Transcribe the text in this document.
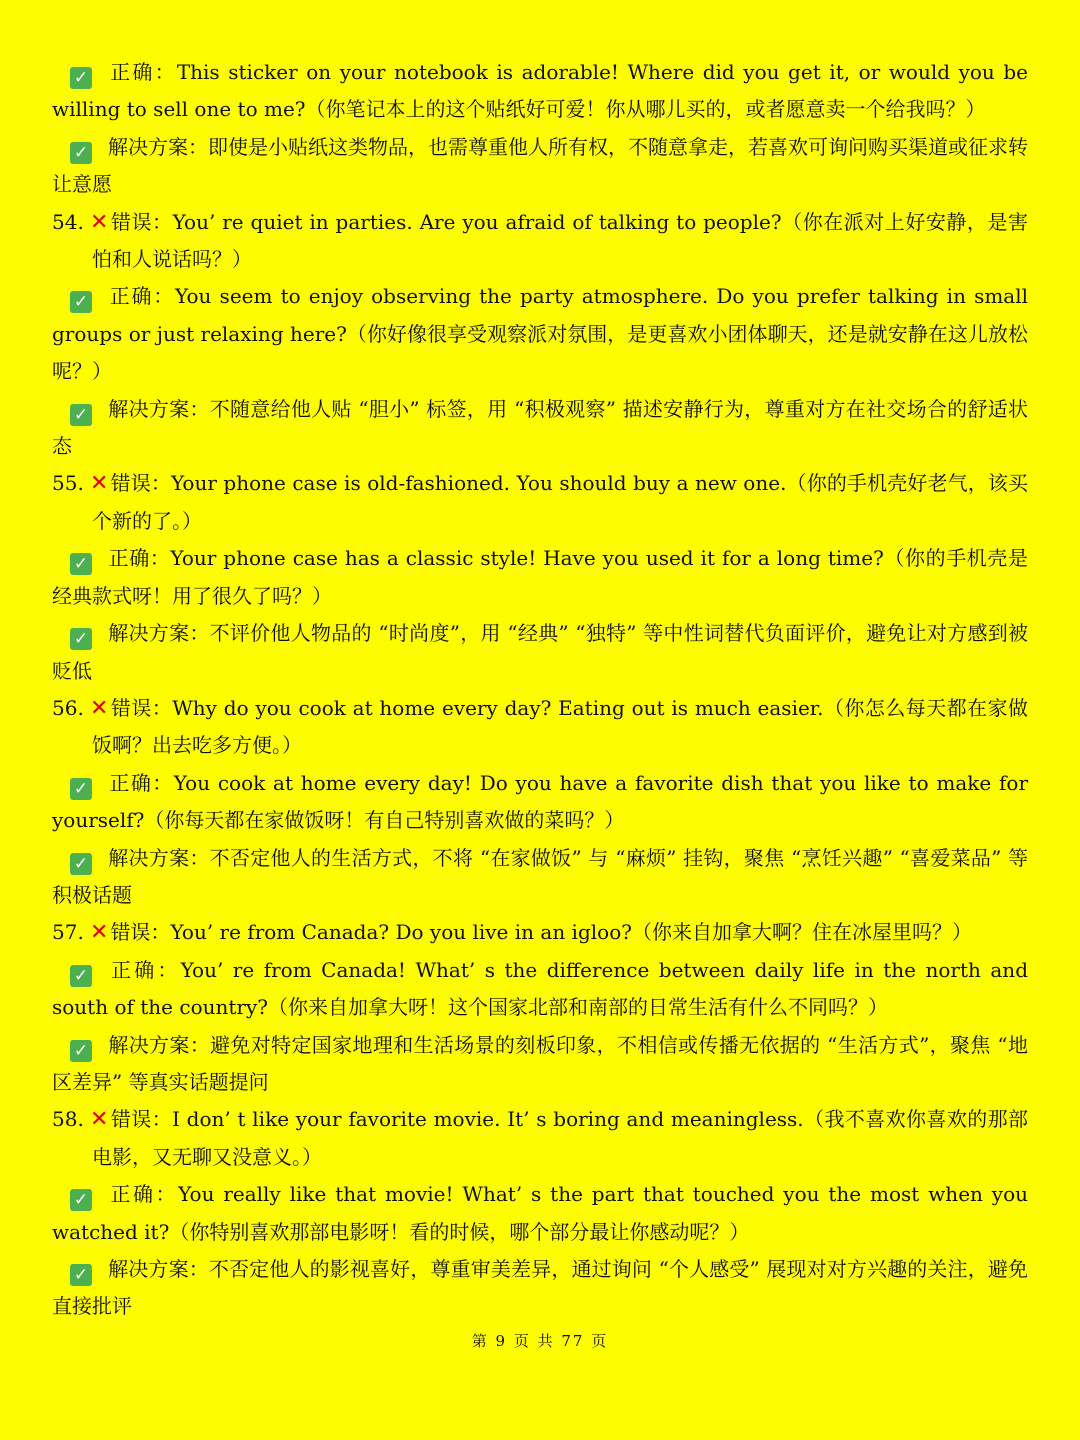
✓ 正确：This sticker on your notebook is adorable! Where did you get it, or would you be willing to sell one to me?（你笔记本上的这个贴纸好可爱！你从哪儿买的，或者愿意卖一个给我吗？）
✓ 解决方案：即使是小贴纸这类物品，也需尊重他人所有权，不随意拿走，若喜欢可询问购买渠道或征求转让意愿
54. ✕ 错误：You’ re quiet in parties. Are you afraid of talking to people?（你在派对上好安静，是害怕和人说话吗？）
✓ 正确：You seem to enjoy observing the party atmosphere. Do you prefer talking in small groups or just relaxing here?（你好像很享受观察派对氛围，是更喜欢小团体聊天，还是就安静在这儿放松呢？）
✓ 解决方案：不随意给他人贴 “胆小” 标签，用 “积极观察” 描述安静行为，尊重对方在社交场合的舒适状态
55. ✕ 错误：Your phone case is old-fashioned. You should buy a new one.（你的手机壳好老气，该买个新的了。）
✓ 正确：Your phone case has a classic style! Have you used it for a long time?（你的手机壳是经典款式呀！用了很久了吗？）
✓ 解决方案：不评价他人物品的 “时尚度”，用 “经典” “独特” 等中性词替代负面评价，避免让对方感到被贬低
56. ✕ 错误：Why do you cook at home every day? Eating out is much easier.（你怎么每天都在家做饭啊？出去吃多方便。）
✓ 正确：You cook at home every day! Do you have a favorite dish that you like to make for yourself?（你每天都在家做饭呀！有自己特别喜欢做的菜吗？）
✓ 解决方案：不否定他人的生活方式，不将 “在家做饭” 与 “麻烦” 挂钩，聚焦 “烹饪兴趣” “喜爱菜品” 等积极话题
57. ✕ 错误：You’ re from Canada? Do you live in an igloo?（你来自加拿大啊？住在冰屋里吗？）
✓ 正确：You’ re from Canada! What’ s the difference between daily life in the north and south of the country?（你来自加拿大呀！这个国家北部和南部的日常生活有什么不同吗？）
✓ 解决方案：避免对特定国家地理和生活场景的刻板印象，不相信或传播无依据的 “生活方式”，聚焦 “地区差异” 等真实话题提问
58. ✕ 错误：I don’ t like your favorite movie. It’ s boring and meaningless.（我不喜欢你喜欢的那部电影，又无聊又没意义。）
✓ 正确：You really like that movie! What’ s the part that touched you the most when you watched it?（你特别喜欢那部电影呀！看的时候，哪个部分最让你感动呢？）
✓ 解决方案：不否定他人的影视喜好，尊重审美差异，通过询问 “个人感受” 展现对对方兴趣的关注，避免直接批评
第 9 页 共 77 页
